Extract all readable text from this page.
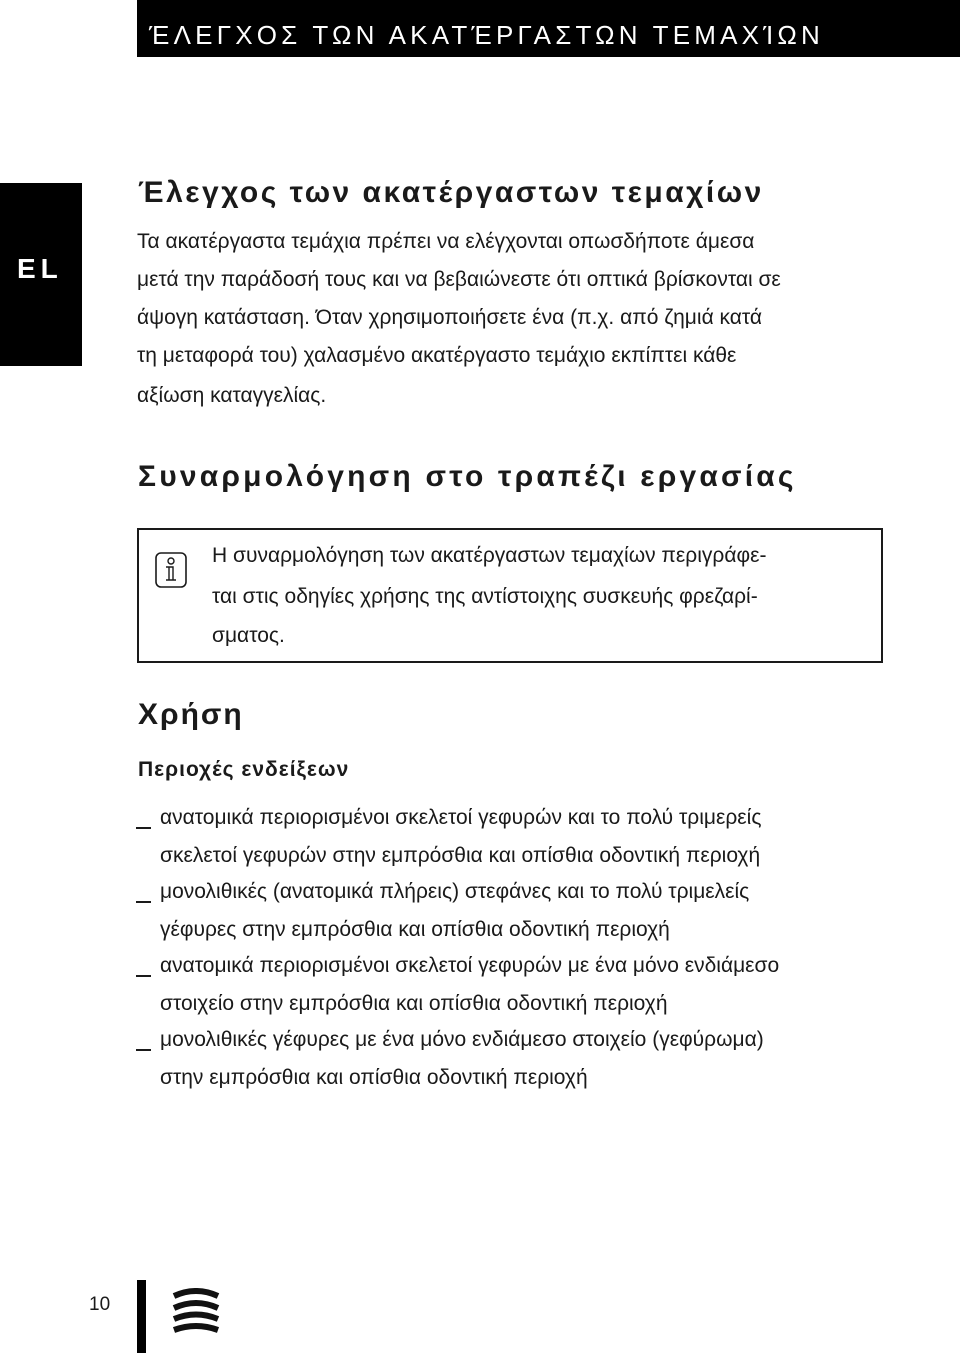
ΈΛΕΓΧΟΣ ΤΩΝ ΑΚΑΤΈΡΓΑΣΤΩΝ ΤΕΜΑΧΊΩΝ
EL
Έλεγχος των ακατέργαστων τεμαχίων
Τα ακατέργαστα τεμάχια πρέπει να ελέγχονται οπωσδήποτε άμεσα
μετά την παράδοσή τους και να βεβαιώνεστε ότι οπτικά βρίσκονται σε
άψογη κατάσταση. Όταν χρησιμοποιήσετε ένα (π.χ. από ζημιά κατά
τη μεταφορά του) χαλασμένο ακατέργαστο τεμάχιο εκπίπτει κάθε
αξίωση καταγγελίας.
Συναρμολόγηση στο τραπέζι εργασίας
Η συναρμολόγηση των ακατέργαστων τεμαχίων περιγράφε-
ται στις οδηγίες χρήσης της αντίστοιχης συσκευής φρεζαρί-
σματος.
Χρήση
Περιοχές ενδείξεων
ανατομικά περιορισμένοι σκελετοί γεφυρών και το πολύ τριμερείς
σκελετοί γεφυρών στην εμπρόσθια και οπίσθια οδοντική περιοχή
μονολιθικές (ανατομικά πλήρεις) στεφάνες και το πολύ τριμελείς
γέφυρες στην εμπρόσθια και οπίσθια οδοντική περιοχή
ανατομικά περιορισμένοι σκελετοί γεφυρών με ένα μόνο ενδιάμεσο
στοιχείο στην εμπρόσθια και οπίσθια οδοντική περιοχή
μονολιθικές γέφυρες με ένα μόνο ενδιάμεσο στοιχείο (γεφύρωμα)
στην εμπρόσθια και οπίσθια οδοντική περιοχή
10
